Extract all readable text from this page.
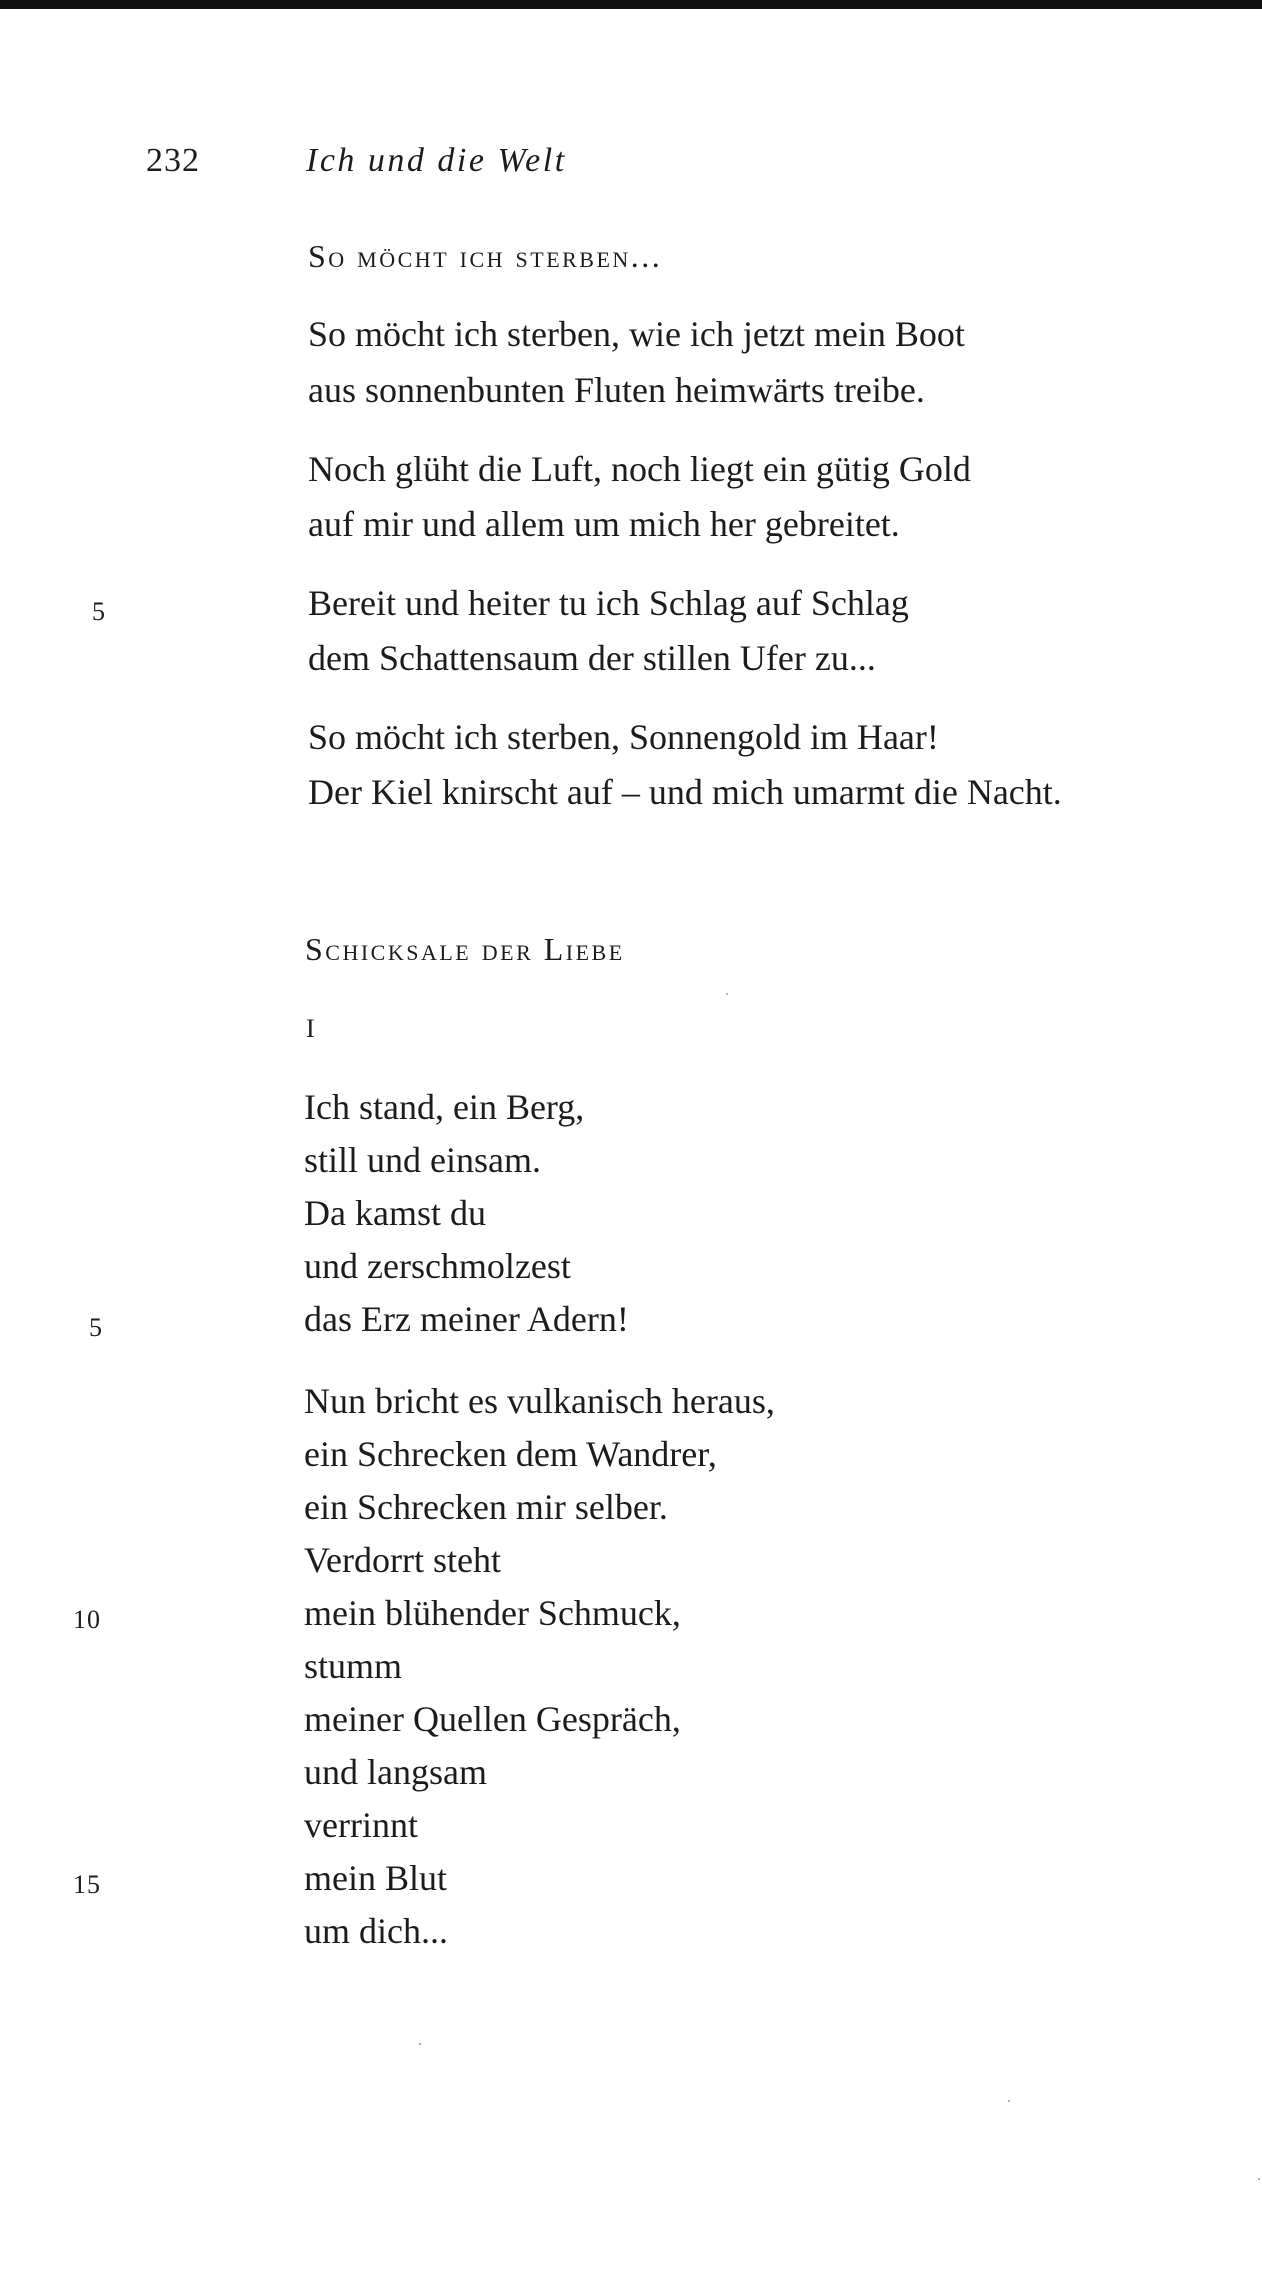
232	Ich und die Welt
So möcht ich sterben...
So möcht ich sterben, wie ich jetzt mein Boot
aus sonnenbunten Fluten heimwärts treibe.
Noch glüht die Luft, noch liegt ein gütig Gold
auf mir und allem um mich her gebreitet.
5	Bereit und heiter tu ich Schlag auf Schlag
dem Schattensaum der stillen Ufer zu...
So möcht ich sterben, Sonnengold im Haar!
Der Kiel knirscht auf – und mich umarmt die Nacht.
Schicksale der Liebe
I
Ich stand, ein Berg,
still und einsam.
Da kamst du
und zerschmolzest
5	das Erz meiner Adern!
Nun bricht es vulkanisch heraus,
ein Schrecken dem Wandrer,
ein Schrecken mir selber.
Verdorrt steht
10	mein blühender Schmuck,
stumm
meiner Quellen Gespräch,
und langsam
verrinnt
15	mein Blut
um dich...
